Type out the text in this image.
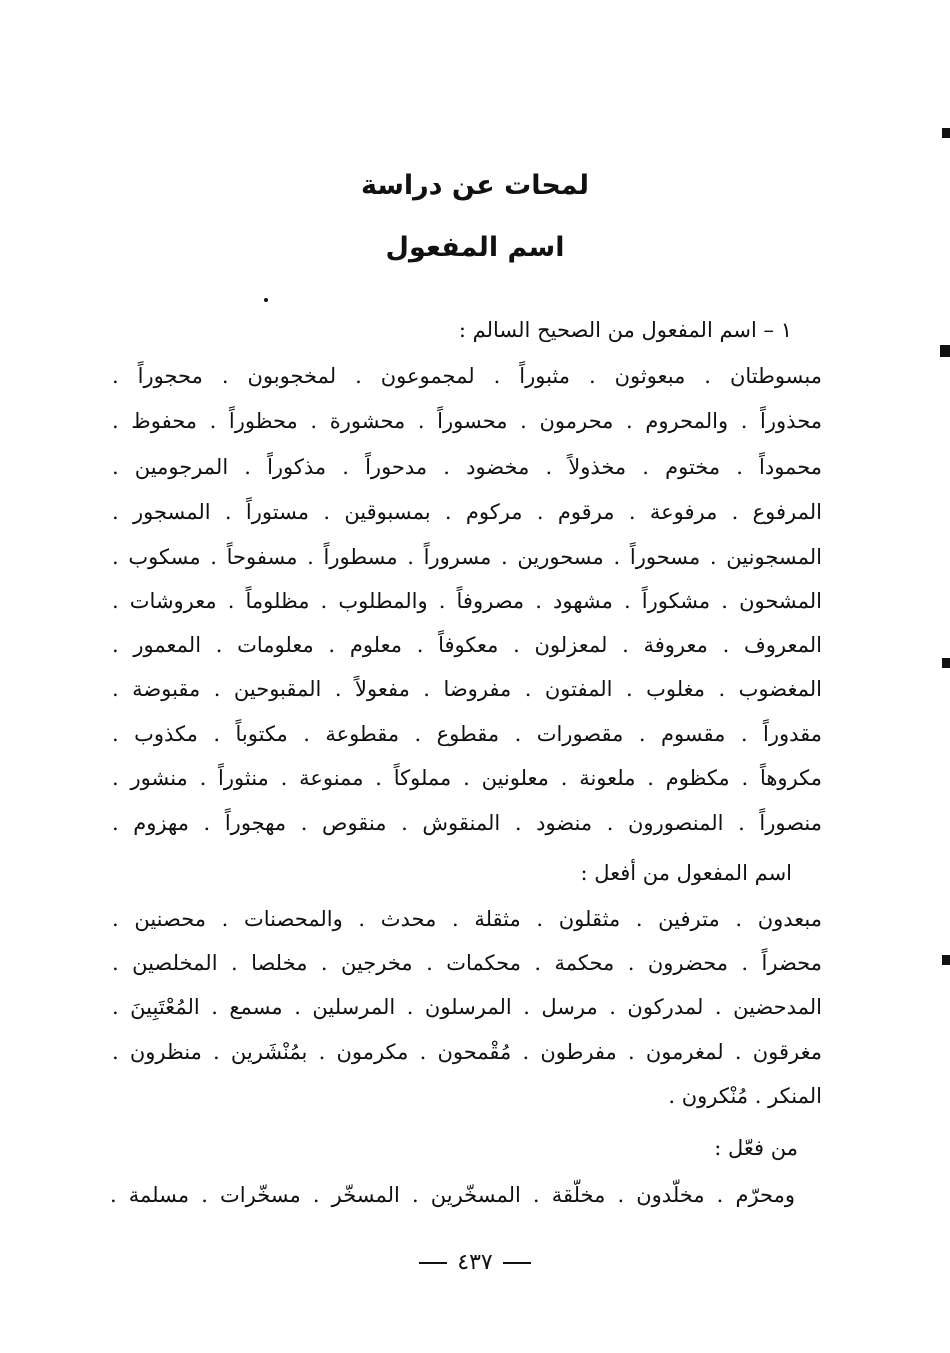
لمحات عن دراسة
اسم المفعول
١ – اسم المفعول من الصحيح السالم :
مبسوطتان . مبعوثون . مثبوراً . لمجموعون . لمخجوبون . محجوراً .
محذوراً . والمحروم . محرمون . محسوراً . محشورة . محظوراً . محفوظ .
محموداً . مختوم . مخذولاً . مخضود . مدحوراً . مذكوراً . المرجومين .
المرفوع . مرفوعة . مرقوم . مركوم . بمسبوقين . مستوراً . المسجور .
المسجونين . مسحوراً . مسحورين . مسروراً . مسطوراً . مسفوحاً . مسكوب .
المشحون . مشكوراً . مشهود . مصروفاً . والمطلوب . مظلوماً . معروشات .
المعروف . معروفة . لمعزلون . معكوفاً . معلوم . معلومات . المعمور .
المغضوب . مغلوب . المفتون . مفروضا . مفعولاً . المقبوحين . مقبوضة .
مقدوراً . مقسوم . مقصورات . مقطوع . مقطوعة . مكتوباً . مكذوب .
مكروهاً . مكظوم . ملعونة . معلونين . مملوكاً . ممنوعة . منثوراً . منشور .
منصوراً . المنصورون . منضود . المنقوش . منقوص . مهجوراً . مهزوم .
اسم المفعول من أفعل :
مبعدون . مترفين . مثقلون . مثقلة . محدث . والمحصنات . محصنين .
محضراً . محضرون . محكمة . محكمات . مخرجين . مخلصا . المخلصين .
المدحضين . لمدركون . مرسل . المرسلون . المرسلين . مسمع . المُعْتَبِينَ .
مغرقون . لمغرمون . مفرطون . مُقْمحون . مكرمون . بمُنْشَرين . منظرون .
المنكر . مُنْكرون .
من فعّل :
ومحرّم . مخلّدون . مخلّقة . المسخّرين . المسخّر . مسخّرات . مسلمة .
٤٣٧
